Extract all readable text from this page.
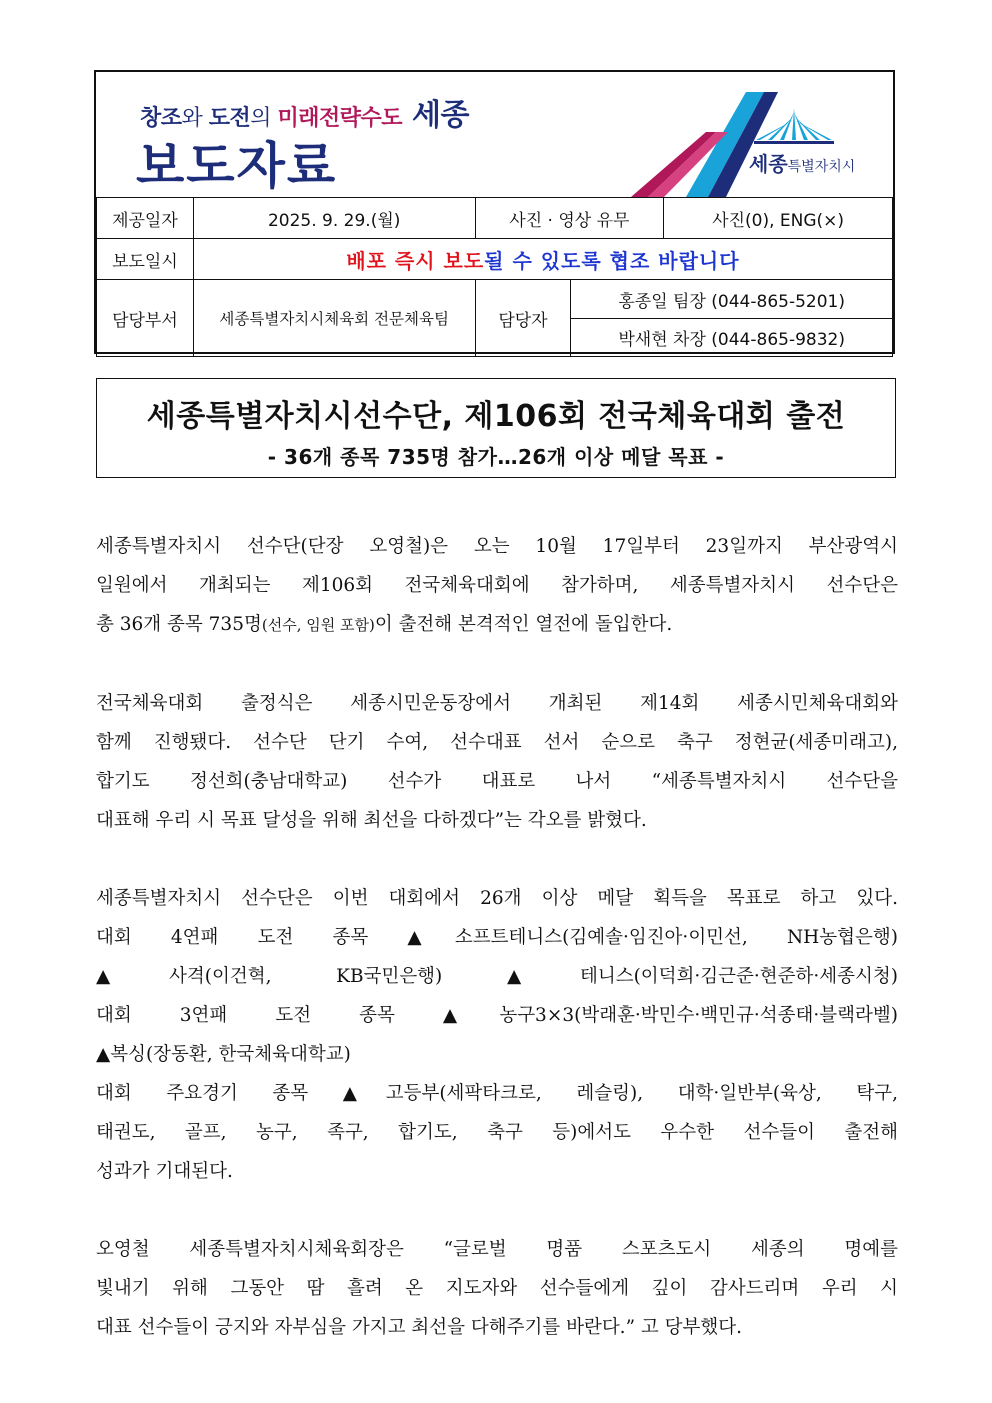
창조와 도전의 미래전략수도 세종
보도자료	세종특별자치시
제공일자	2025. 9. 29.(월)	사진 · 영상 유무		사진(0), ENG(×)
보도일시	배포 즉시 보도될 수 있도록 협조 바랍니다			
담당부서	세종특별자치시체육회 전문체육팀	담당자	홍종일 팀장 (044-865-5201)	
			박새현 차장 (044-865-9832)	
세종특별자치시선수단, 제106회 전국체육대회 출전
- 36개 종목 735명 참가…26개 이상 메달 목표 -
세종특별자치시 선수단(단장 오영철)은 오는 10월 17일부터 23일까지 부산광역시
일원에서 개최되는 제106회 전국체육대회에 참가하며, 세종특별자치시 선수단은
총 36개 종목 735명(선수, 임원 포함)이 출전해 본격적인 열전에 돌입한다.
전국체육대회 출정식은 세종시민운동장에서 개최된 제14회 세종시민체육대회와
함께 진행됐다. 선수단 단기 수여, 선수대표 선서 순으로 축구 정현균(세종미래고),
합기도 정선희(충남대학교) 선수가 대표로 나서 “세종특별자치시 선수단을
대표해 우리 시 목표 달성을 위해 최선을 다하겠다”는 각오를 밝혔다.
세종특별자치시 선수단은 이번 대회에서 26개 이상 메달 획득을 목표로 하고 있다.
대회 4연패 도전 종목 ▲소프트테니스(김예솔·임진아·이민선, NH농협은행)
▲사격(이건혁, KB국민은행) ▲테니스(이덕희·김근준·현준하·세종시청)
대회 3연패 도전 종목 ▲농구3×3(박래훈·박민수·백민규·석종태·블랙라벨)
▲복싱(장동환, 한국체육대학교)
대회 주요경기 종목 ▲고등부(세팍타크로, 레슬링), 대학·일반부(육상, 탁구,
태권도, 골프, 농구, 족구, 합기도, 축구 등)에서도 우수한 선수들이 출전해
성과가 기대된다.
오영철 세종특별자치시체육회장은 “글로벌 명품 스포츠도시 세종의 명예를
빛내기 위해 그동안 땀 흘려 온 지도자와 선수들에게 깊이 감사드리며 우리 시
대표 선수들이 긍지와 자부심을 가지고 최선을 다해주기를 바란다.” 고 당부했다.
